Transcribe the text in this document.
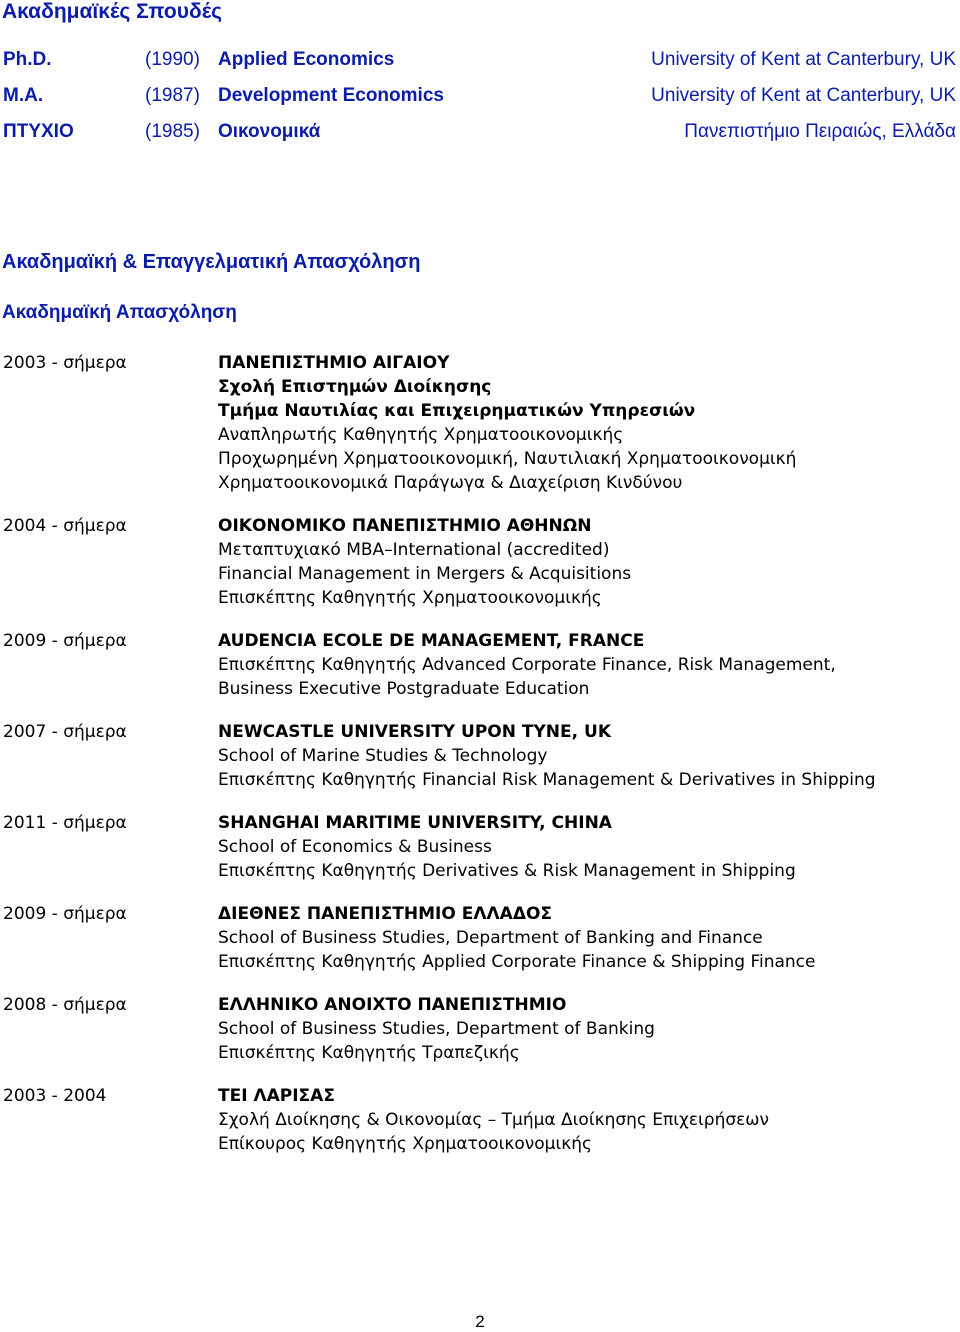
Ακαδημαϊκές Σπουδές
Ph.D.	(1990) Applied Economics	University of Kent at Canterbury, UK
M.A.	(1987) Development Economics	University of Kent at Canterbury, UK
ΠΤΥΧΙΟ	(1985) Οικονομικά	Πανεπιστήμιο Πειραιώς, Ελλάδα
Ακαδημαϊκή & Επαγγελματική Απασχόληση
Ακαδημαϊκή Απασχόληση
2003 - σήμερα	ΠΑΝΕΠΙΣΤΗΜΙΟ ΑΙΓΑΙΟΥ
Σχολή Επιστημών Διοίκησης
Τμήμα Ναυτιλίας και Επιχειρηματικών Υπηρεσιών
Αναπληρωτής Καθηγητής Χρηματοοικονομικής
Προχωρημένη Χρηματοοικονομική, Ναυτιλιακή Χρηματοοικονομική
Χρηματοοικονομικά Παράγωγα & Διαχείριση Κινδύνου
2004 - σήμερα	ΟΙΚΟΝΟΜΙΚΟ ΠΑΝΕΠΙΣΤΗΜΙΟ ΑΘΗΝΩΝ
Μεταπτυχιακό MBA–International (accredited)
Financial Management in Mergers & Acquisitions
Επισκέπτης Καθηγητής Χρηματοοικονομικής
2009 - σήμερα	AUDENCIA ECOLE DE MANAGEMENT, FRANCE
Επισκέπτης Καθηγητής Advanced Corporate Finance, Risk Management,
Business Executive Postgraduate Education
2007 - σήμερα	NEWCASTLE UNIVERSITY UPON TYNE, UK
School of Marine Studies & Technology
Επισκέπτης Καθηγητής Financial Risk Management & Derivatives in Shipping
2011 - σήμερα	SHANGHAI MARITIME UNIVERSITY, CHINA
School of Economics & Business
Επισκέπτης Καθηγητής Derivatives & Risk Management in Shipping
2009 - σήμερα	ΔΙΕΘΝΕΣ ΠΑΝΕΠΙΣΤΗΜΙΟ ΕΛΛΑΔΟΣ
School of Business Studies, Department of Banking and Finance
Επισκέπτης Καθηγητής Applied Corporate Finance & Shipping Finance
2008 - σήμερα	ΕΛΛΗΝΙΚΟ ΑΝΟΙΧΤΟ ΠΑΝΕΠΙΣΤΗΜΙΟ
School of Business Studies, Department of Banking
Επισκέπτης Καθηγητής Τραπεζικής
2003 - 2004	ΤΕΙ ΛΑΡΙΣΑΣ
Σχολή Διοίκησης & Οικονομίας – Τμήμα Διοίκησης Επιχειρήσεων
Επίκουρος Καθηγητής Χρηματοοικονομικής
2
